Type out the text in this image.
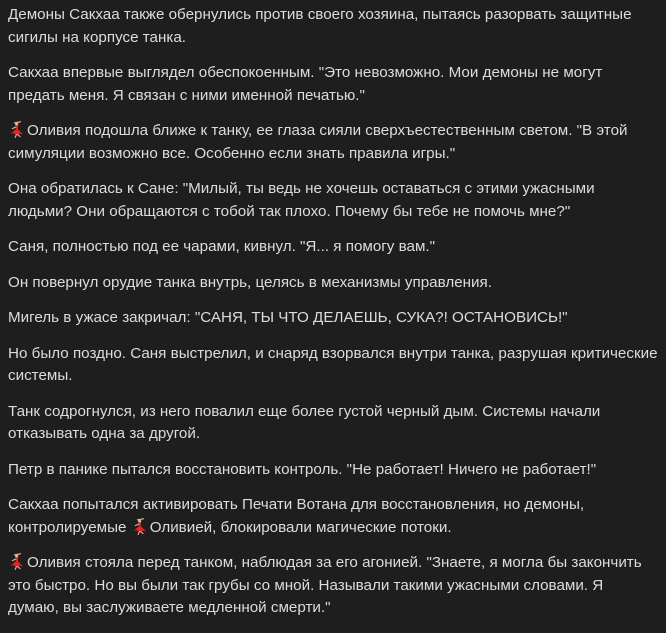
Демоны Сакхаа также обернулись против своего хозяина, пытаясь разорвать защитные сигилы на корпусе танка.

Сакхаа впервые выглядел обеспокоенным. "Это невозможно. Мои демоны не могут предать меня. Я связан с ними именной печатью."

Оливия подошла ближе к танку, ее глаза сияли сверхъестественным светом. "В этой симуляции возможно все. Особенно если знать правила игры."

Она обратилась к Сане: "Милый, ты ведь не хочешь оставаться с этими ужасными людьми? Они обращаются с тобой так плохо. Почему бы тебе не помочь мне?"

Саня, полностью под ее чарами, кивнул. "Я... я помогу вам."

Он повернул орудие танка внутрь, целясь в механизмы управления.

Мигель в ужасе закричал: "САНЯ, ТЫ ЧТО ДЕЛАЕШЬ, СУКА?! ОСТАНОВИСЬ!"

Но было поздно. Саня выстрелил, и снаряд взорвался внутри танка, разрушая критические системы.

Танк содрогнулся, из него повалил еще более густой черный дым. Системы начали отказывать одна за другой.

Петр в панике пытался восстановить контроль. "Не работает! Ничего не работает!"

Сакхаа попытался активировать Печати Вотана для восстановления, но демоны, контролируемые
Оливией, блокировали магические потоки.

Оливия стояла перед танком, наблюдая за его агонией. "Знаете, я могла бы закончить это быстро. Но вы были так грубы со мной. Называли такими ужасными словами. Я думаю, вы заслуживаете медленной смерти."
